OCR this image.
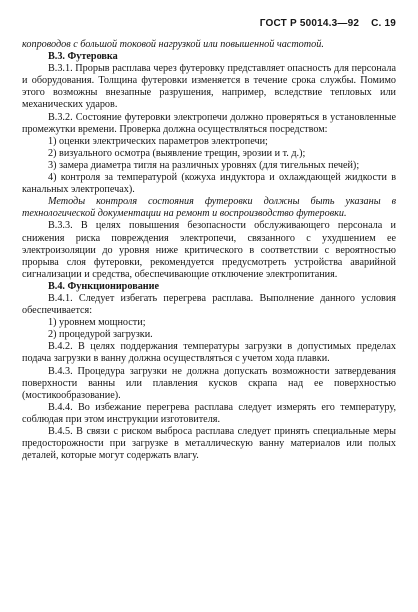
ГОСТ Р 50014.3—92 С. 19

копроводов с большой токовой нагрузкой или повышенной частотой.

В.3. Футеровка

В.3.1. Прорыв расплава через футеровку представляет опасность для персонала и оборудования. Толщина футеровки изменяется в течение срока службы. Помимо этого возможны внезапные разрушения, например, вследствие тепловых или механических ударов.

В.3.2. Состояние футеровки электропечи должно проверяться в установленные промежутки времени. Проверка должна осуществляться посредством:

1) оценки электрических параметров электропечи;

2) визуального осмотра (выявление трещин, эрозии и т. д.);

3) замера диаметра тигля на различных уровнях (для тигельных печей);

4) контроля за температурой (кожуха индуктора и охлаждающей жидкости в канальных электропечах).

Методы контроля состояния футеровки должны быть указаны в технологической документации на ремонт и воспроизводство футеровки.

В.3.3. В целях повышения безопасности обслуживающего персонала и снижения риска повреждения электропечи, связанного с ухудшением ее электроизоляции до уровня ниже критического в соответствии с вероятностью прорыва слоя футеровки, рекомендуется предусмотреть устройства аварийной сигнализации и средства, обеспечивающие отключение электропитания.

В.4. Функционирование

В.4.1. Следует избегать перегрева расплава. Выполнение данного условия обеспечивается:

1) уровнем мощности;

2) процедурой загрузки.

В.4.2. В целях поддержания температуры загрузки в допустимых пределах подача загрузки в ванну должна осуществляться с учетом хода плавки.

В.4.3. Процедура загрузки не должна допускать возможности затвердевания поверхности ванны или плавления кусков скрапа над ее поверхностью (мостикообразование).

В.4.4. Во избежание перегрева расплава следует измерять его температуру, соблюдая при этом инструкции изготовителя.

В.4.5. В связи с риском выброса расплава следует принять специальные меры предосторожности при загрузке в металлическую ванну материалов или полых деталей, которые могут содержать влагу.
